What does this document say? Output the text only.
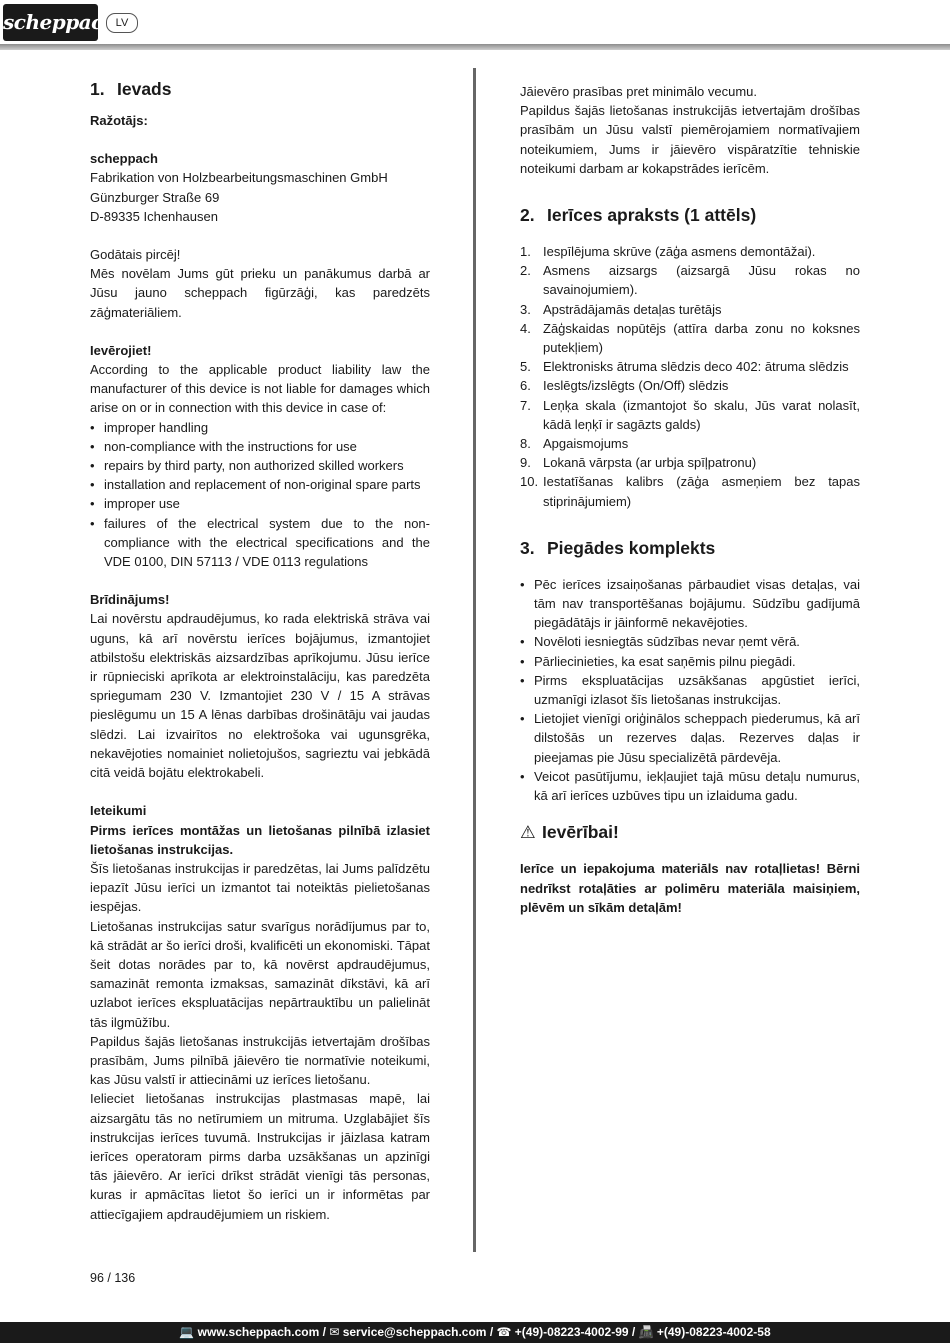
scheppach
LV
1. Ievads

Ražotājs:

scheppach

Fabrikation von Holzbearbeitungsmaschinen GmbH

Günzburger Straße 69

D-89335 Ichenhausen

Godātais pircēj!

Mēs novēlam Jums gūt prieku un panākumus darbā ar Jūsu jauno scheppach figūrzāģi, kas paredzēts zāģmateriāliem.

Ievērojiet!

According to the applicable product liability law the manufacturer of this device is not liable for damages which arise on or in connection with this device in case of:

• improper handling
• non-compliance with the instructions for use
• repairs by third party, non authorized skilled workers
• installation and replacement of non-original spare parts
• improper use
• failures of the electrical system due to the non-compliance with the electrical specifications and the VDE 0100, DIN 57113 / VDE 0113 regulations

Brīdinājums!

Lai novērstu apdraudējumus, ko rada elektriskā strāva vai uguns, kā arī novērstu ierīces bojājumus, izmantojiet atbilstošu elektriskās aizsardzības aprīkojumu. Jūsu ierīce ir rūpnieciski aprīkota ar elektroinstalāciju, kas paredzēta spriegumam 230 V. Izmantojiet 230 V / 15 A strāvas pieslēgumu un 15 A lēnas darbības drošinātāju vai jaudas slēdzi. Lai izvairītos no elektrošoka vai ugunsgrēka, nekavējoties nomainiet nolietojušos, sagrieztu vai jebkādā citā veidā bojātu elektrokabeli.

Ieteikumi

Pirms ierīces montāžas un lietošanas pilnībā izlasiet lietošanas instrukcijas.

Šīs lietošanas instrukcijas ir paredzētas, lai Jums palīdzētu iepazīt Jūsu ierīci un izmantot tai noteiktās pielietošanas iespējas.

Lietošanas instrukcijas satur svarīgus norādījumus par to, kā strādāt ar šo ierīci droši, kvalificēti un ekonomiski. Tāpat šeit dotas norādes par to, kā novērst apdraudējumus, samazināt remonta izmaksas, samazināt dīkstāvi, kā arī uzlabot ierīces ekspluatācijas nepārtrauktību un palielināt tās ilgmūžību.

Papildus šajās lietošanas instrukcijās ietvertajām drošības prasībām, Jums pilnībā jāievēro tie normatīvie noteikumi, kas Jūsu valstī ir attiecināmi uz ierīces lietošanu.

Ielieciet lietošanas instrukcijas plastmasas mapē, lai aizsargātu tās no netīrumiem un mitruma. Uzglabājiet šīs instrukcijas ierīces tuvumā. Instrukcijas ir jāizlasa katram ierīces operatoram pirms darba uzsākšanas un apzinīgi tās jāievēro. Ar ierīci drīkst strādāt vienīgi tās personas, kuras ir apmācītas lietot šo ierīci un ir informētas par attiecīgajiem apdraudējumiem un riskiem.

Jāievēro prasības pret minimālo vecumu.

Papildus šajās lietošanas instrukcijās ietvertajām drošības prasībām un Jūsu valstī piemērojamiem normatīvajiem noteikumiem, Jums ir jāievēro vispāratzītie tehniskie noteikumi darbam ar kokapstrādes ierīcēm.

2. Ierīces apraksts (1 attēls)
1. Iespīlējuma skrūve (zāģa asmens demontāžai).
2. Asmens aizsargs (aizsargā Jūsu rokas no savainojumiem).
3. Apstrādājamās detaļas turētājs
4. Zāģskaidas nopūtējs (attīra darba zonu no koksnes putekļiem)
5. Elektronisks ātruma slēdzis deco 402: ātruma slēdzis
6. Ieslēgts/izslēgts (On/Off) slēdzis
7. Leņķa skala (izmantojot šo skalu, Jūs varat nolasīt, kādā leņķī ir sagāzts galds)
8. Apgaismojums
9. Lokanā vārpsta (ar urbja spīļpatronu)
10. Iestatīšanas kalibrs (zāģa asmeņiem bez tapas stiprinājumiem)
3. Piegādes komplekts
• Pēc ierīces izsaiņošanas pārbaudiet visas detaļas, vai tām nav transportēšanas bojājumu. Sūdzību gadījumā piegādātājs ir jāinformē nekavējoties.
• Novēloti iesniegtās sūdzības nevar ņemt vērā.
• Pārliecinieties, ka esat saņēmis pilnu piegādi.
• Pirms ekspluatācijas uzsākšanas apgūstiet ierīci, uzmanīgi izlasot šīs lietošanas instrukcijas.
• Lietojiet vienīgi oriģinālos scheppach piederumus, kā arī dilstošās un rezerves daļas. Rezerves daļas ir pieejamas pie Jūsu specializētā pārdevēja.
• Veicot pasūtījumu, iekļaujiet tajā mūsu detaļu numurus, kā arī ierīces uzbūves tipu un izlaiduma gadu.

⚠ Ievērībai!

Ierīce un iepakojuma materiāls nav rotaļlietas! Bērni nedrīkst rotaļāties ar polimēru materiāla maisiņiem, plēvēm un sīkām detaļām!

96 / 136
💻 www.scheppach.com / ✉ service@scheppach.com / ☎ +(49)-08223-4002-99 / 📠 +(49)-08223-4002-58
